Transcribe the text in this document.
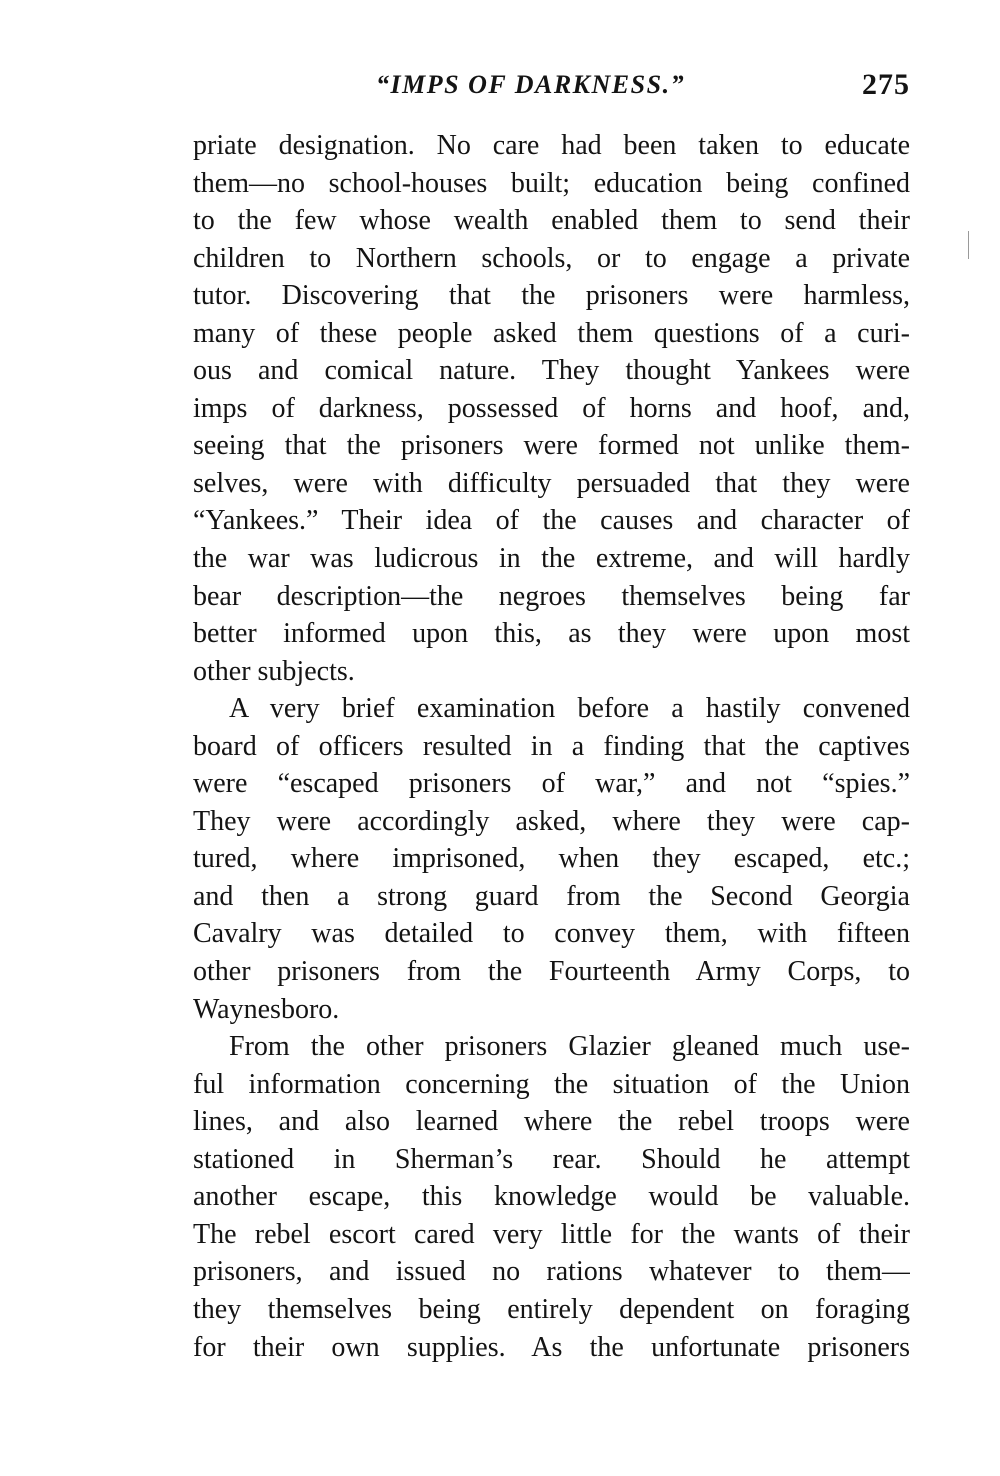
“IMPS OF DARKNESS.”	275
priate designation. No care had been taken to educate
them—no school-houses built; education being confined
to the few whose wealth enabled them to send their
children to Northern schools, or to engage a private
tutor. Discovering that the prisoners were harmless,
many of these people asked them questions of a curi-
ous and comical nature. They thought Yankees were
imps of darkness, possessed of horns and hoof, and,
seeing that the prisoners were formed not unlike them-
selves, were with difficulty persuaded that they were
“Yankees.” Their idea of the causes and character of
the war was ludicrous in the extreme, and will hardly
bear description—the negroes themselves being far
better informed upon this, as they were upon most
other subjects.
A very brief examination before a hastily convened
board of officers resulted in a finding that the captives
were “escaped prisoners of war,” and not “spies.”
They were accordingly asked, where they were cap-
tured, where imprisoned, when they escaped, etc.;
and then a strong guard from the Second Georgia
Cavalry was detailed to convey them, with fifteen
other prisoners from the Fourteenth Army Corps, to
Waynesboro.
From the other prisoners Glazier gleaned much use-
ful information concerning the situation of the Union
lines, and also learned where the rebel troops were
stationed in Sherman’s rear. Should he attempt
another escape, this knowledge would be valuable.
The rebel escort cared very little for the wants of their
prisoners, and issued no rations whatever to them—
they themselves being entirely dependent on foraging
for their own supplies. As the unfortunate prisoners
